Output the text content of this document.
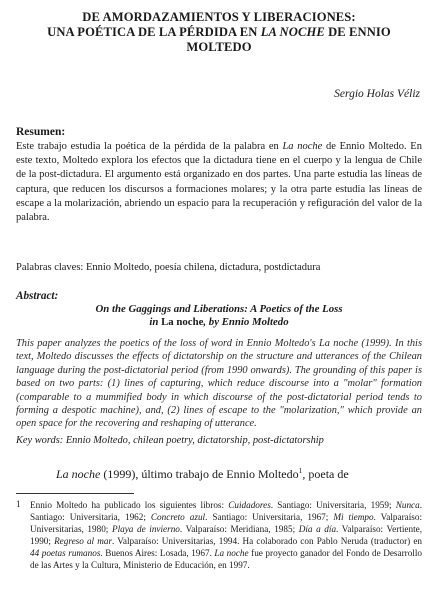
DE AMORDAZAMIENTOS Y LIBERACIONES:
UNA POÉTICA DE LA PÉRDIDA EN LA NOCHE DE ENNIO
MOLTEDO
Sergio Holas Véliz
Resumen:
Este trabajo estudia la poética de la pérdida de la palabra en La noche de Ennio Moltedo. En este texto, Moltedo explora los efectos que la dictadura tiene en el cuerpo y la lengua de Chile de la post-dictadura. El argumento está organizado en dos partes. Una parte estudia las líneas de captura, que reducen los discursos a formaciones molares; y la otra parte estudia las líneas de escape a la molarización, abriendo un espacio para la recuperación y refiguración del valor de la palabra.
Palabras claves: Ennio Moltedo, poesía chilena, dictadura, postdictadura
Abstract:
On the Gaggings and Liberations: A Poetics of the Loss
in La noche, by Ennio Moltedo
This paper analyzes the poetics of the loss of word in Ennio Moltedo's La noche (1999). In this text, Moltedo discusses the effects of dictatorship on the structure and utterances of the Chilean language during the post-dictatorial period (from 1990 onwards). The grounding of this paper is based on two parts: (1) lines of capturing, which reduce discourse into a "molar" formation (comparable to a mummified body in which discourse of the post-dictatorial period tends to forming a despotic machine), and, (2) lines of escape to the "molarization," which provide an open space for the recovering and reshaping of utterance.
Key words: Ennio Moltedo, chilean poetry, dictatorship, post-dictatorship
La noche (1999), último trabajo de Ennio Moltedo$^1$, poeta de
1 Ennio Moltedo ha publicado los siguientes libros: Cuidadores. Santiago: Universitaria, 1959; Nunca. Santiago: Universitaria, 1962; Concreto azul. Santiago: Universitaria, 1967; Mi tiempo. Valparaíso: Universitarias, 1980; Playa de invierno. Valparaíso: Meridiana, 1985; Día a día. Valparaíso: Vertiente, 1990; Regreso al mar. Valparaíso: Universitarias, 1994. Ha colaborado con Pablo Neruda (traductor) en 44 poetas rumanos. Buenos Aires: Losada, 1967. La noche fue proyecto ganador del Fondo de Desarrollo de las Artes y la Cultura, Ministerio de Educación, en 1997.
